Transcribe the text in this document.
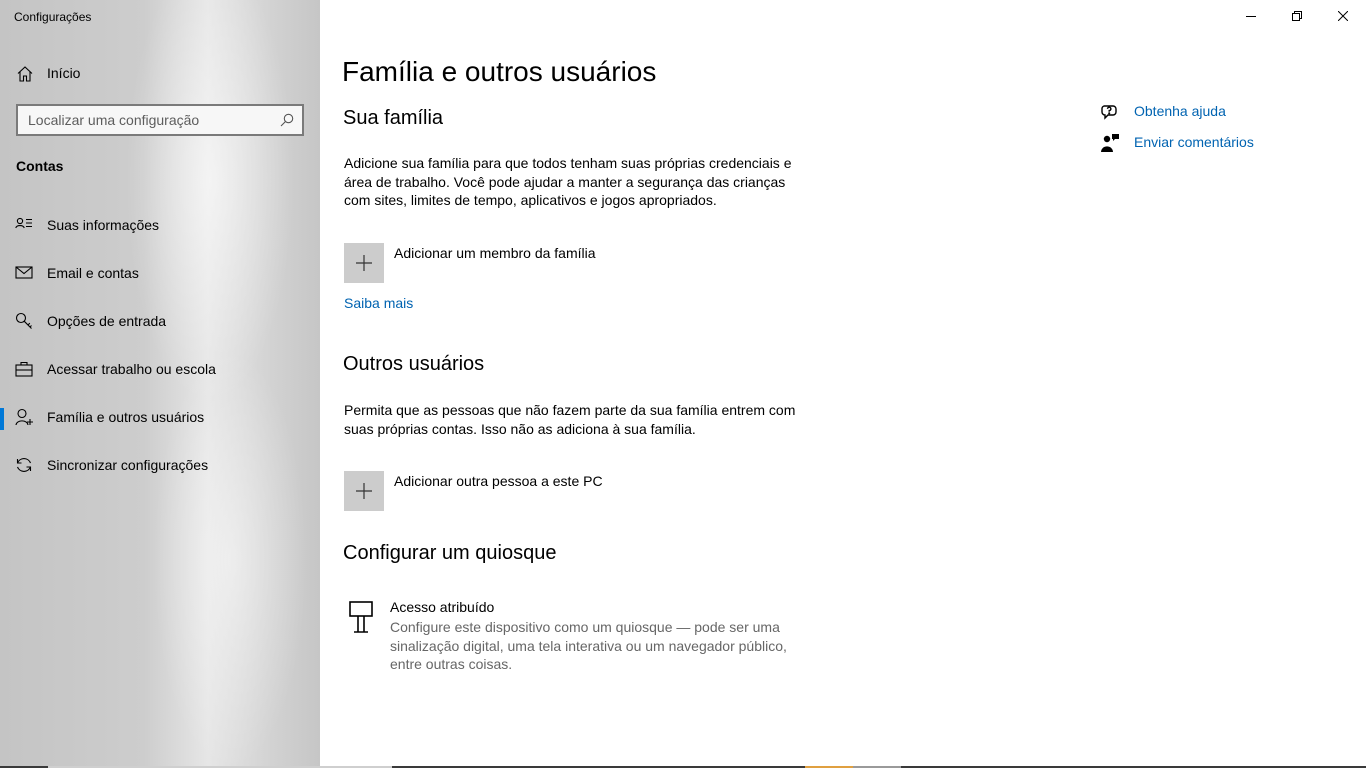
Configurações
Início
Localizar uma configuração
Contas
Suas informações
Email e contas
Opções de entrada
Acessar trabalho ou escola
Família e outros usuários
Sincronizar configurações
Família e outros usuários
Sua família

Adicione sua família para que todos tenham suas próprias credenciais e área de trabalho. Você pode ajudar a manter a segurança das crianças com sites, limites de tempo, aplicativos e jogos apropriados.

Adicionar um membro da família
Saiba mais
Outros usuários

Permita que as pessoas que não fazem parte da sua família entrem com suas próprias contas. Isso não as adiciona à sua família.

Adicionar outra pessoa a este PC
Configurar um quiosque
Acesso atribuído

Configure este dispositivo como um quiosque — pode ser uma sinalização digital, uma tela interativa ou um navegador público, entre outras coisas.

Obtenha ajuda
Enviar comentários
